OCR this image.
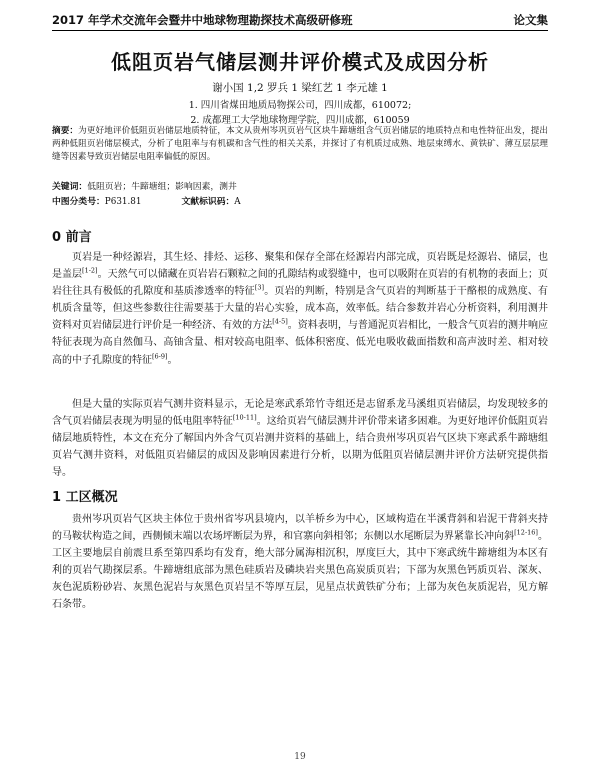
2017 年学术交流年会暨井中地球物理勘探技术高级研修班	论文集
低阻页岩气储层测井评价模式及成因分析
谢小国 1,2 罗兵 1 梁红艺 1 李元雄 1
1. 四川省煤田地质局物探公司，四川成都，610072;
2. 成都理工大学地球物理学院，四川成都，610059
摘要：为更好地评价低阻页岩储层地质特征，本文从贵州岑巩页岩气区块牛蹄塘组含气页岩储层的地质特点和电性特征出发，提出两种低阻页岩储层模式，分析了电阻率与有机碳和含气性的相关关系，并探讨了有机质过成熟、地层束缚水、黄铁矿、薄互层层理缝等因素导致页岩储层电阻率偏低的原因。
关键词：低阻页岩；牛蹄塘组；影响因素，测井
中图分类号：P631.81	文献标识码：A
0 前言

页岩是一种烃源岩，其生烃、排烃、运移、聚集和保存全部在烃源岩内部完成，页岩既是烃源岩、储层，也是盖层[1-2]。天然气可以储藏在页岩岩石颗粒之间的孔隙结构或裂缝中，也可以吸附在页岩的有机物的表面上；页岩往往具有极低的孔隙度和基质渗透率的特征[3]。页岩的判断，特别是含气页岩的判断基于干酪根的成熟度、有机质含量等，但这些参数往往需要基于大量的岩心实验，成本高，效率低。结合参数并岩心分析资料，利用测井资料对页岩储层进行评价是一种经济、有效的方法[4-5]。资料表明，与普通泥页岩相比，一般含气页岩的测井响应特征表现为高自然伽马、高铀含量、相对较高电阻率、低体积密度、低光电吸收截面指数和高声波时差、相对较高的中子孔隙度的特征[6-9]。

但是大量的实际页岩气测井资料显示，无论是寒武系筇竹寺组还是志留系龙马溪组页岩储层，均发现较多的含气页岩储层表现为明显的低电阻率特征[10-11]。这给页岩气储层测井评价带来诸多困难。为更好地评价低阻页岩储层地质特性，本文在充分了解国内外含气页岩测井资料的基础上，结合贵州岑巩页岩气区块下寒武系牛蹄塘组页岩气测井资料，对低阻页岩储层的成因及影响因素进行分析，以期为低阻页岩储层测井评价方法研究提供指导。

1 工区概况

贵州岑巩页岩气区块主体位于贵州省岑巩县境内，以羊桥乡为中心，区域构造在半溪背斜和岩泥干背斜夹持的马鞍状构造之间，西侧倾末端以农场坪断层为界，和官寨向斜相邻；东侧以水尾断层为界紧靠长冲向斜[12-16]。工区主要地层自前震旦系至第四系均有发育，绝大部分属海相沉积，厚度巨大，其中下寒武统牛蹄塘组为本区有利的页岩气勘探层系。牛蹄塘组底部为黑色硅质岩及磷块岩夹黑色高炭质页岩；下部为灰黑色钙质页岩、深灰、灰色泥质粉砂岩、灰黑色泥岩与灰黑色页岩呈不等厚互层，见星点状黄铁矿分布；上部为灰色灰质泥岩，见方解石条带。

19
